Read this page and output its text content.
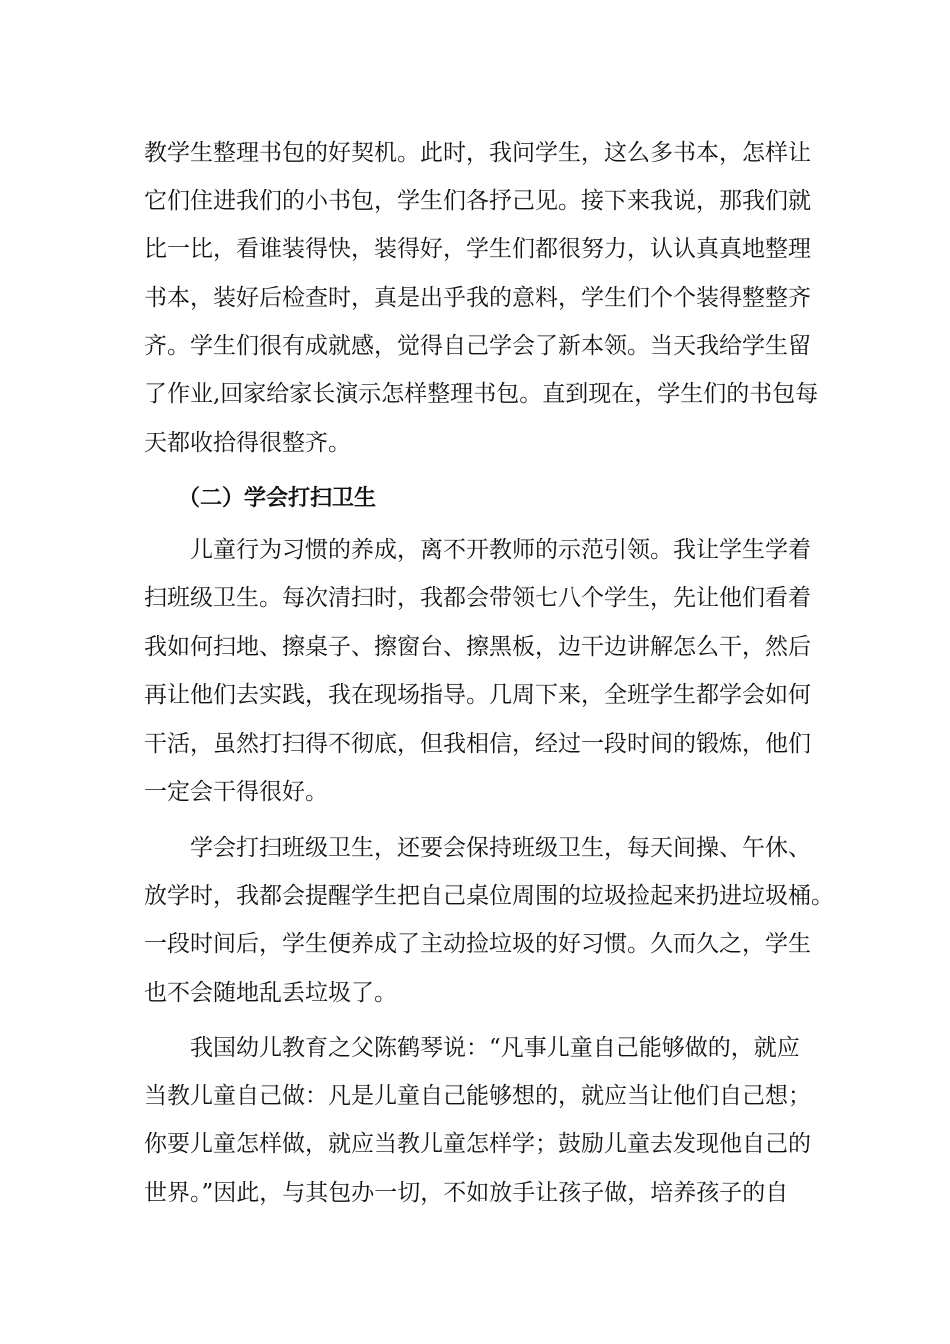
教学生整理书包的好契机。此时，我问学生，这么多书本，怎样让
它们住进我们的小书包，学生们各抒己见。接下来我说，那我们就
比一比，看谁装得快，装得好，学生们都很努力，认认真真地整理
书本，装好后检查时，真是出乎我的意料，学生们个个装得整整齐
齐。学生们很有成就感，觉得自己学会了新本领。当天我给学生留
了作业,回家给家长演示怎样整理书包。直到现在，学生们的书包每
天都收拾得很整齐。
（二）学会打扫卫生
儿童行为习惯的养成，离不开教师的示范引领。我让学生学着
扫班级卫生。每次清扫时，我都会带领七八个学生，先让他们看着
我如何扫地、擦桌子、擦窗台、擦黑板，边干边讲解怎么干，然后
再让他们去实践，我在现场指导。几周下来，全班学生都学会如何
干活，虽然打扫得不彻底，但我相信，经过一段时间的锻炼，他们
一定会干得很好。
学会打扫班级卫生，还要会保持班级卫生，每天间操、午休、
放学时，我都会提醒学生把自己桌位周围的垃圾捡起来扔进垃圾桶。
一段时间后，学生便养成了主动捡垃圾的好习惯。久而久之，学生
也不会随地乱丢垃圾了。
我国幼儿教育之父陈鹤琴说：“凡事儿童自己能够做的，就应
当教儿童自己做：凡是儿童自己能够想的，就应当让他们自己想；
你要儿童怎样做，就应当教儿童怎样学；鼓励儿童去发现他自己的
世界。”因此，与其包办一切，不如放手让孩子做，培养孩子的自
